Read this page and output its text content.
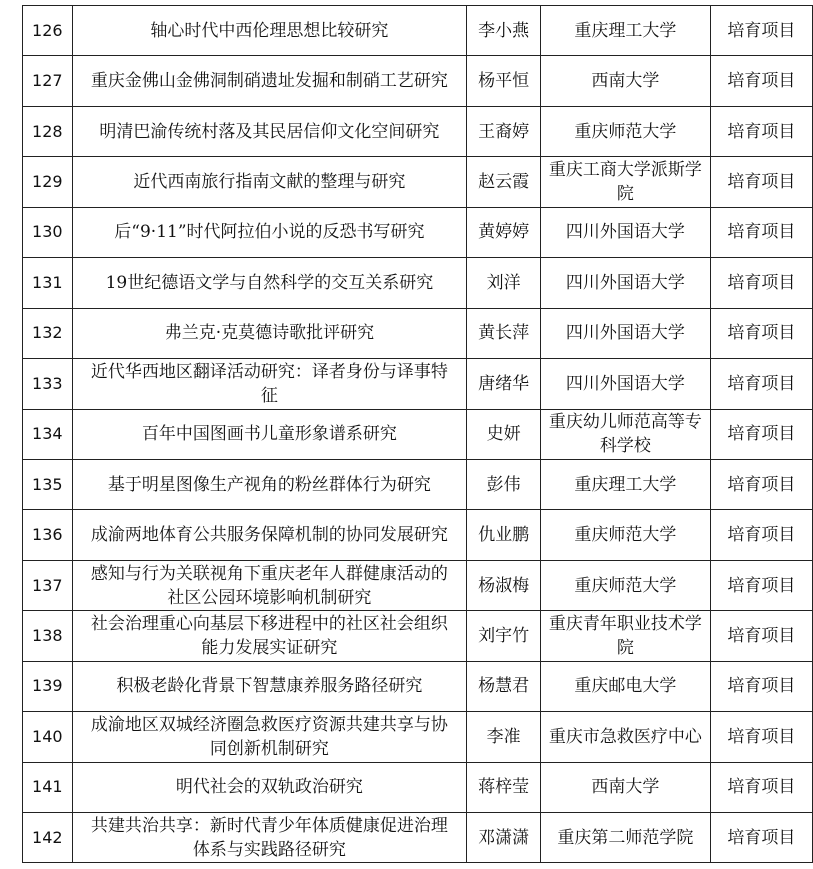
126	轴心时代中西伦理思想比较研究	李小燕	重庆理工大学	培育项目
127	重庆金佛山金佛洞制硝遗址发掘和制硝工艺研究	杨平恒	西南大学	培育项目
128	明清巴渝传统村落及其民居信仰文化空间研究	王裔婷	重庆师范大学	培育项目
129	近代西南旅行指南文献的整理与研究	赵云霞	重庆工商大学派斯学院	培育项目
130	后“9·11”时代阿拉伯小说的反恐书写研究	黄婷婷	四川外国语大学	培育项目
131	19世纪德语文学与自然科学的交互关系研究	刘洋	四川外国语大学	培育项目
132	弗兰克·克莫德诗歌批评研究	黄长萍	四川外国语大学	培育项目
133	近代华西地区翻译活动研究：译者身份与译事特征	唐绪华	四川外国语大学	培育项目
134	百年中国图画书儿童形象谱系研究	史妍	重庆幼儿师范高等专科学校	培育项目
135	基于明星图像生产视角的粉丝群体行为研究	彭伟	重庆理工大学	培育项目
136	成渝两地体育公共服务保障机制的协同发展研究	仇业鹏	重庆师范大学	培育项目
137	感知与行为关联视角下重庆老年人群健康活动的社区公园环境影响机制研究	杨淑梅	重庆师范大学	培育项目
138	社会治理重心向基层下移进程中的社区社会组织能力发展实证研究	刘宇竹	重庆青年职业技术学院	培育项目
139	积极老龄化背景下智慧康养服务路径研究	杨慧君	重庆邮电大学	培育项目
140	成渝地区双城经济圈急救医疗资源共建共享与协同创新机制研究	李准	重庆市急救医疗中心	培育项目
141	明代社会的双轨政治研究	蒋梓莹	西南大学	培育项目
142	共建共治共享：新时代青少年体质健康促进治理体系与实践路径研究	邓潇潇	重庆第二师范学院	培育项目
